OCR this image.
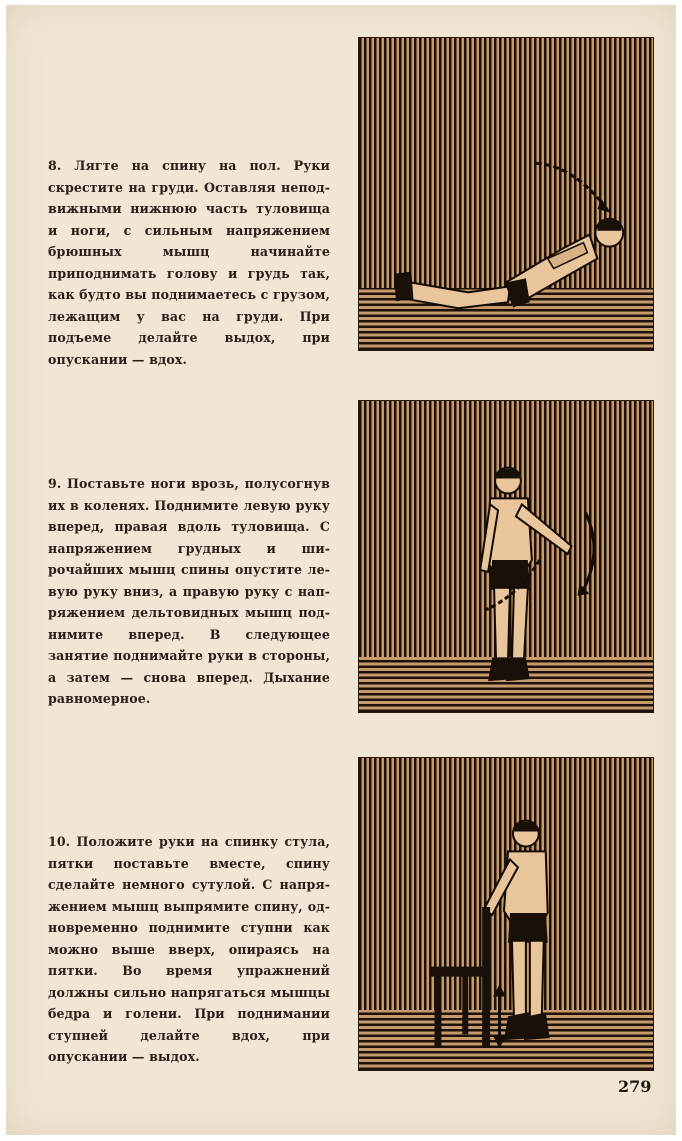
8. Лягте на спину на пол. Руки скрестите на груди. Оставляя неподвижными нижнюю часть туловища и ноги, с сильным напряжением брюшных мышц начинайте приподнимать голову и грудь так, как будто вы поднимаетесь с грузом, лежащим у вас на груди. При подъеме делайте выдох, при опускании — вдох.
9. Поставьте ноги врозь, полусогнув их в коленях. Поднимите левую руку вперед, правая вдоль туловища. С напряжением грудных и широчайших мышц спины опустите левую руку вниз, а правую руку с напряжением дельтовидных мышц поднимите вперед. В следующее занятие поднимайте руки в стороны, а затем — снова вперед. Дыхание равномерное.
10. Положите руки на спинку стула, пятки поставьте вместе, спину сделайте немного сутулой. С напряжением мышц выпрямите спину, одновременно поднимите ступни как можно выше вверх, опираясь на пятки. Во время упражнений должны сильно напрягаться мышцы бедра и голени. При поднимании ступней делайте вдох, при опускании — выдох.
279
